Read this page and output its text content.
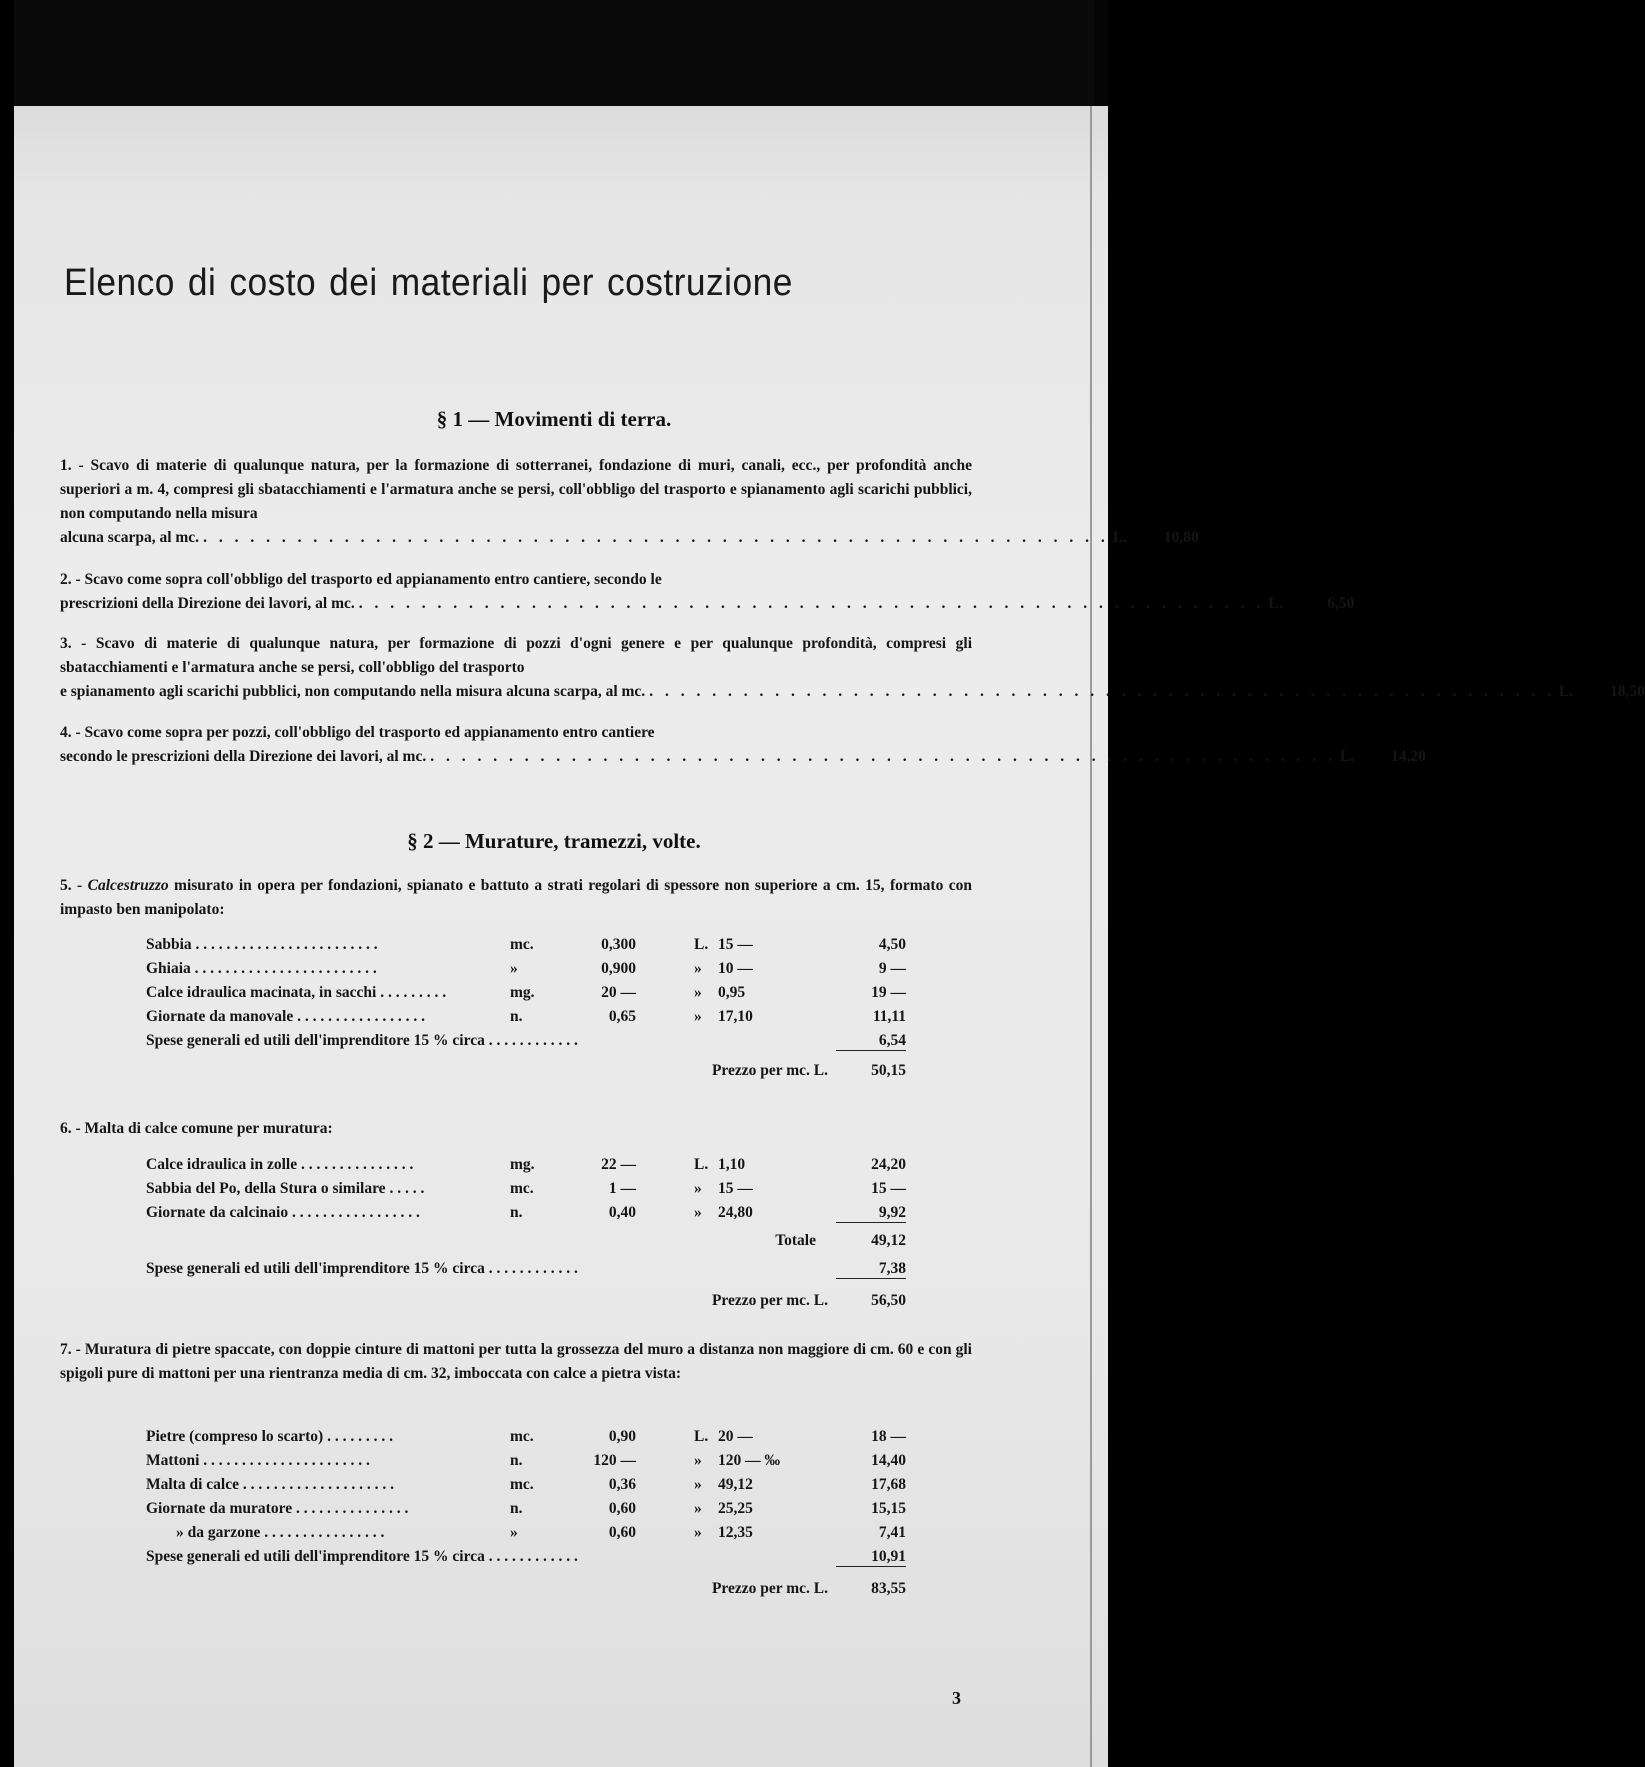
Elenco di costo dei materiali per costruzione
§ 1 — Movimenti di terra.
1. - Scavo di materie di qualunque natura, per la formazione di sotterranei, fondazione di muri, canali, ecc., per profondità anche superiori a m. 4, compresi gli sbatacchiamenti e l'armatura anche se persi, coll'obbligo del trasporto e spianamento agli scarichi pubblici, non computando nella misura
alcuna scarpa, al mc. . . . . . . . . . . . . . . . . . . . . . . . . . . . . . . . . . . . . . . . . . . . . . . . . . . . . . . . . . . L.	10,80
2. - Scavo come sopra coll'obbligo del trasporto ed appianamento entro cantiere, secondo le
prescrizioni della Direzione dei lavori, al mc. . . . . . . . . . . . . . . . . . . . . . . . . . . . . . . . . . . . . . . . . . . . . . . . . . . . . . . . . . . L.	6,50
3. - Scavo di materie di qualunque natura, per formazione di pozzi d'ogni genere e per qualunque profondità, compresi gli sbatacchiamenti e l'armatura anche se persi, coll'obbligo del trasporto
e spianamento agli scarichi pubblici, non computando nella misura alcuna scarpa, al mc. . . . . . . . . . . . . . . . . . . . . . . . . . . . . . . . . . . . . . . . . . . . . . . . . . . . . . . . . . . L.	18,50
4. - Scavo come sopra per pozzi, coll'obbligo del trasporto ed appianamento entro cantiere
secondo le prescrizioni della Direzione dei lavori, al mc. . . . . . . . . . . . . . . . . . . . . . . . . . . . . . . . . . . . . . . . . . . . . . . . . . . . . . . . . . . L.	14,20
§ 2 — Murature, tramezzi, volte.
5. - Calcestruzzo misurato in opera per fondazioni, spianato e battuto a strati regolari di spessore non superiore a cm. 15, formato con impasto ben manipolato:
Sabbia . . . . . . . . . . . . . . . . . . . . . . . .	mc.	0,300	L. 15 —	4,50
Ghiaia . . . . . . . . . . . . . . . . . . . . . . . .	»	0,900	»	10 —	9 —
Calce idraulica macinata, in sacchi . . . . . . . . .	mg.	20 —	»	0,95	19 —
Giornate da manovale . . . . . . . . . . . . . . . . .	n.	0,65	»	17,10	11,11
Spese generali ed utili dell'imprenditore 15 % circa . . . . . . . . . . . .	6,54
Prezzo per mc. L.	50,15
6. - Malta di calce comune per muratura:
Calce idraulica in zolle . . . . . . . . . . . . . . .	mg.	22 —	L. 1,10	24,20
Sabbia del Po, della Stura o similare . . . . .	mc.	1 —	»	15 —	15 —
Giornate da calcinaio . . . . . . . . . . . . . . . . .	n.	0,40	»	24,80	9,92
Totale	49,12
Spese generali ed utili dell'imprenditore 15 % circa . . . . . . . . . . . .	7,38
Prezzo per mc. L.	56,50
7. - Muratura di pietre spaccate, con doppie cinture di mattoni per tutta la grossezza del muro a distanza non maggiore di cm. 60 e con gli spigoli pure di mattoni per una rientranza media di cm. 32, imboccata con calce a pietra vista:
Pietre (compreso lo scarto) . . . . . . . . .	mc.	0,90	L. 20 —	18 —
Mattoni . . . . . . . . . . . . . . . . . . . . . .	n.	120 —	»	120 — ‰	14,40
Malta di calce . . . . . . . . . . . . . . . . . . . .	mc.	0,36	»	49,12	17,68
Giornate da muratore . . . . . . . . . . . . . . .	n.	0,60	»	25,25	15,15
» da garzone . . . . . . . . . . . . . . . .	»	0,60	»	12,35	7,41
Spese generali ed utili dell'imprenditore 15 % circa . . . . . . . . . . . .	10,91
Prezzo per mc. L.	83,55
3
